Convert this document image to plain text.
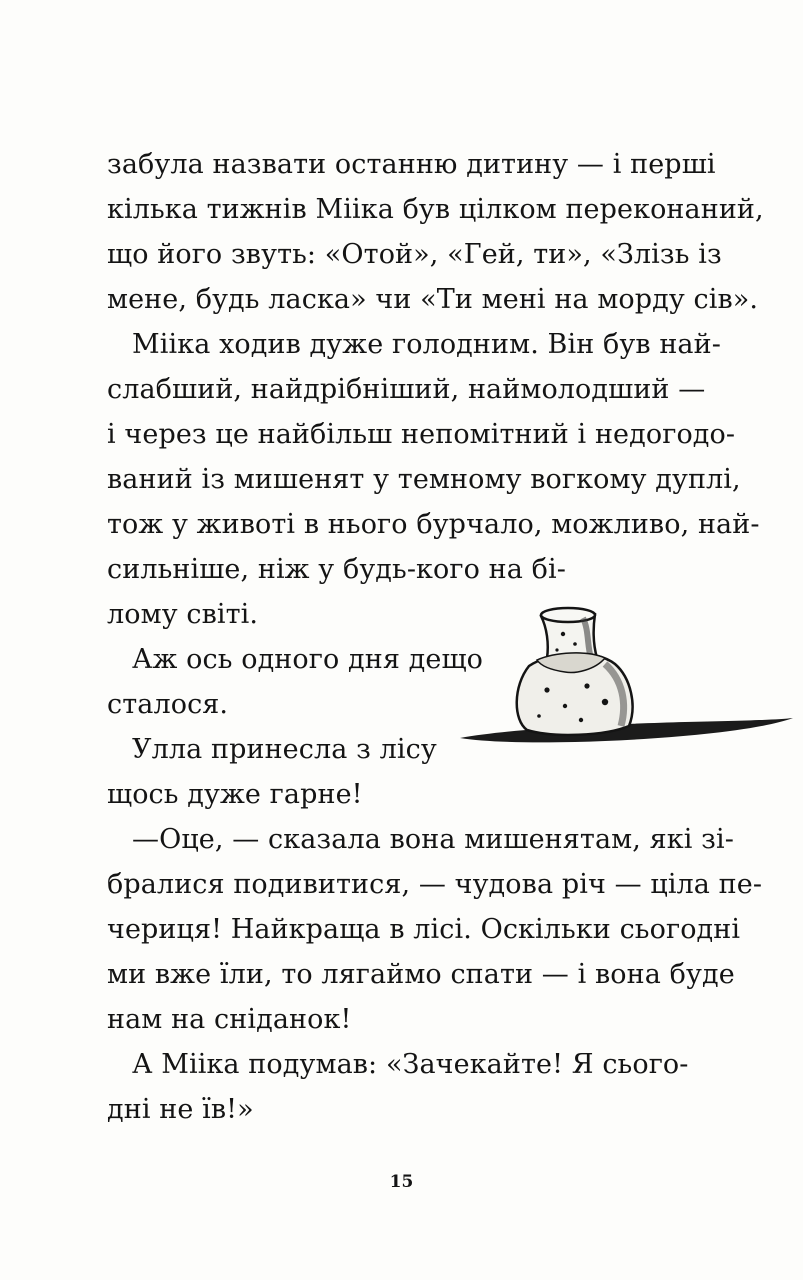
забула назвати останню дитину — і перші
кілька тижнів Мііка був цілком переконаний,
що його звуть: «Отой», «Гей, ти», «Злізь із
мене, будь ласка» чи «Ти мені на морду сів».
Мііка ходив дуже голодним. Він був най-
слабший, найдрібніший, наймолодший —
і через це найбільш непомітний і недогодо-
ваний із мишенят у темному вогкому дуплі,
тож у животі в нього бурчало, можливо, най-
сильніше, ніж у будь-кого на бі-
лому світі.
Аж ось одного дня дещо
сталося.
Улла принесла з лісу
щось дуже гарне!
—Оце, — сказала вона мишенятам, які зі-
бралися подивитися, — чудова річ — ціла пе-
чериця! Найкраща в лісі. Оскільки сьогодні
ми вже їли, то лягаймо спати — і вона буде
нам на сніданок!
А Мііка подумав: «Зачекайте! Я сього-
дні не їв!»
15
